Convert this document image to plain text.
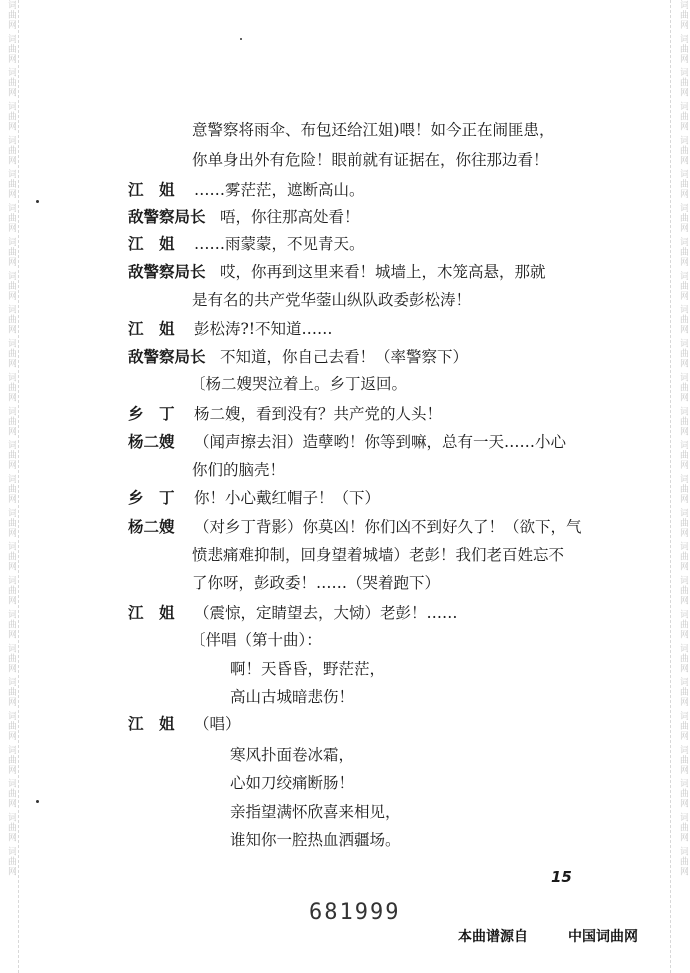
词曲网 词曲网 词曲网 词曲网 词曲网 词曲网 词曲网 词曲网 词曲网 词曲网 词曲网 词曲网 词曲网 词曲网 词曲网 词曲网 词曲网 词曲网 词曲网 词曲网 词曲网 词曲网 词曲网 词曲网 词曲网 词曲网	词曲网 词曲网 词曲网 词曲网 词曲网 词曲网 词曲网 词曲网 词曲网 词曲网 词曲网 词曲网 词曲网 词曲网 词曲网 词曲网 词曲网 词曲网 词曲网 词曲网 词曲网 词曲网 词曲网 词曲网 词曲网 词曲网
意警察将雨伞、布包还给江姐)喂！如今正在闹匪患，
你单身出外有危险！眼前就有证据在，你往那边看！
江　姐 ……雾茫茫，遮断高山。
敌警察局长 唔，你往那高处看！
江　姐 ……雨蒙蒙，不见青天。
敌警察局长 哎，你再到这里来看！城墙上，木笼高悬，那就
是有名的共产党华蓥山纵队政委彭松涛！
江　姐 彭松涛?!不知道……
敌警察局长 不知道，你自己去看！（率警察下）
〔杨二嫂哭泣着上。乡丁返回。
乡　丁 杨二嫂，看到没有？共产党的人头！
杨二嫂 （闻声擦去泪）造孽哟！你等到嘛，总有一天……小心
你们的脑壳！
乡　丁 你！小心戴红帽子！（下）
杨二嫂 （对乡丁背影）你莫凶！你们凶不到好久了！（欲下，气
愤悲痛难抑制，回身望着城墙）老彭！我们老百姓忘不
了你呀，彭政委！……（哭着跑下）
江　姐 （震惊，定睛望去，大恸）老彭！……
〔伴唱（第十曲）：
啊！天昏昏，野茫茫，
高山古城暗悲伤！
江　姐 （唱）
寒风扑面卷冰霜，
心如刀绞痛断肠！
亲指望满怀欣喜来相见，
谁知你一腔热血洒疆场。
15
681999
本曲谱源自	中国词曲网
